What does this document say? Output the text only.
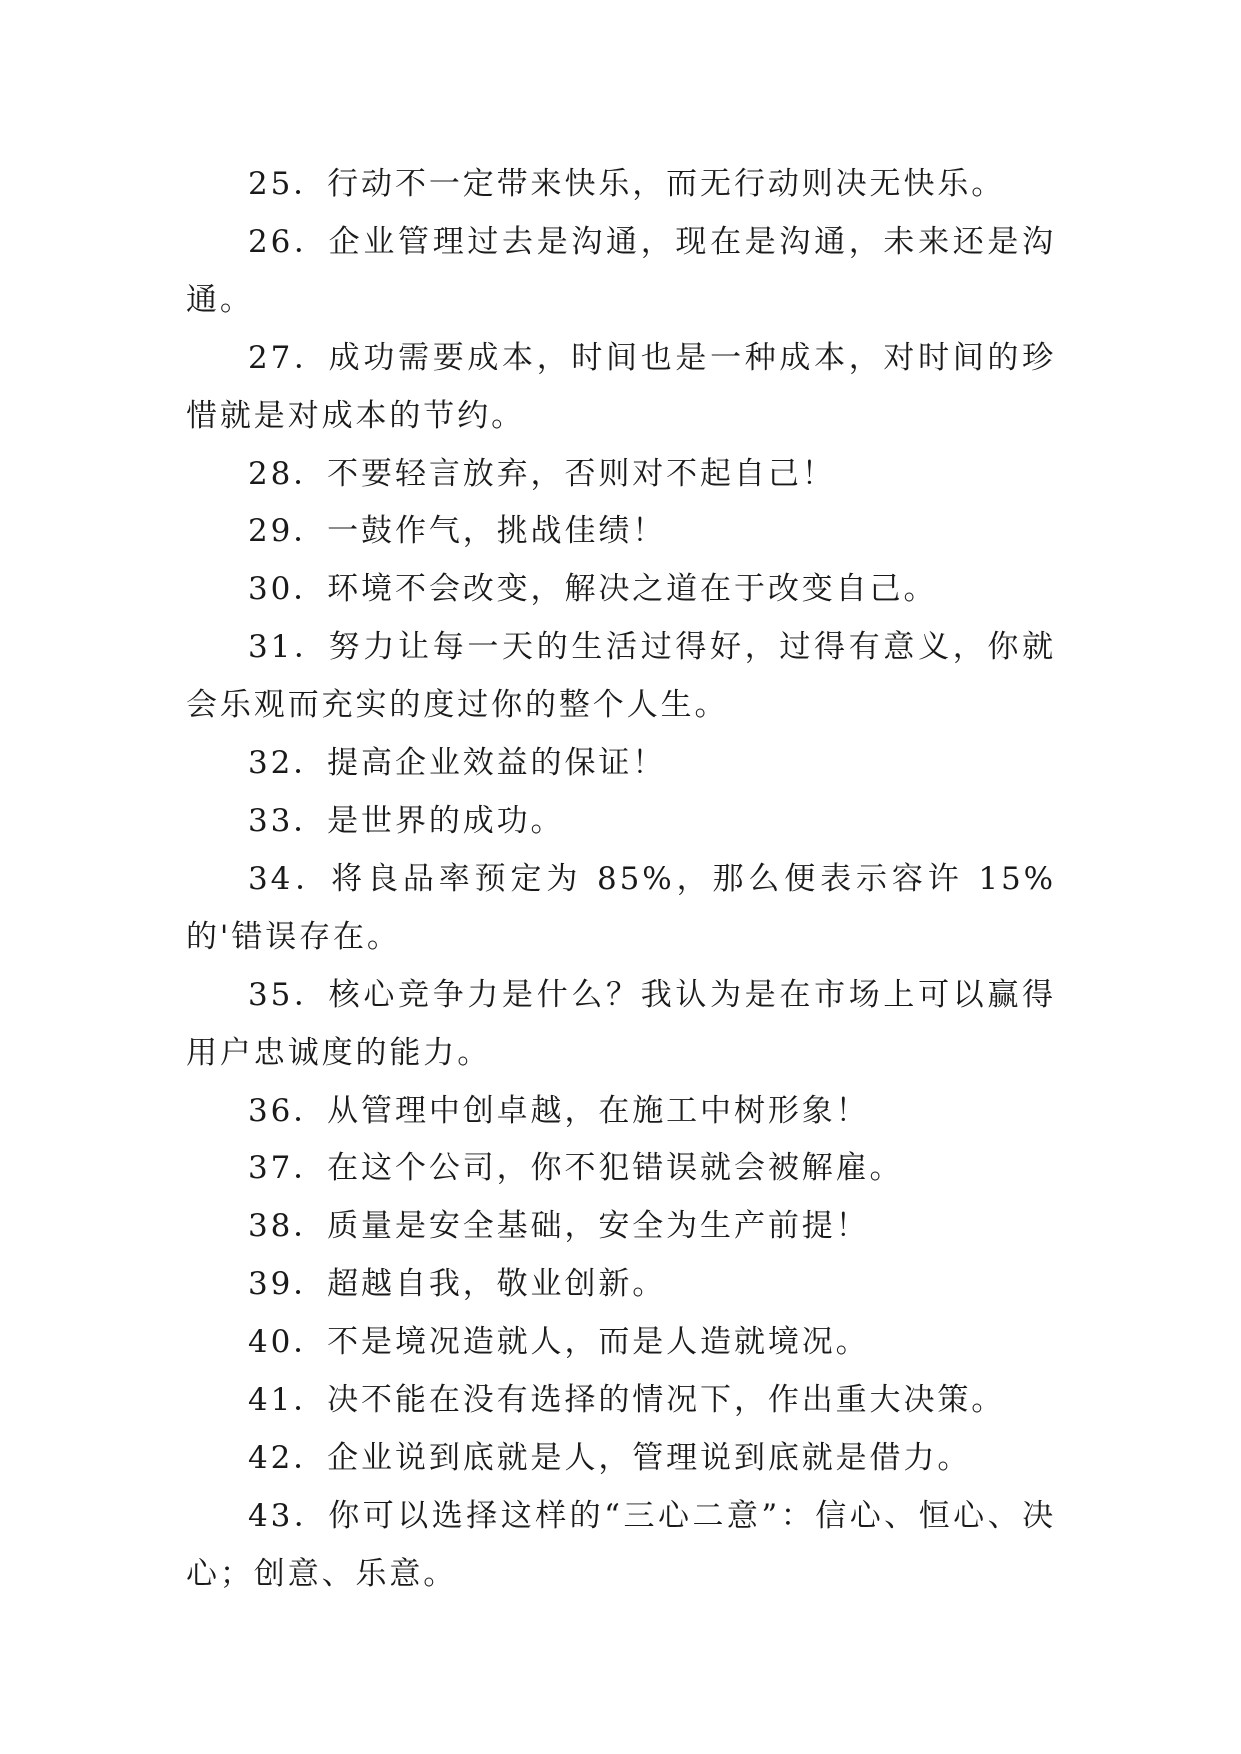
25．行动不一定带来快乐，而无行动则决无快乐。

26．企业管理过去是沟通，现在是沟通，未来还是沟通。

27．成功需要成本，时间也是一种成本，对时间的珍惜就是对成本的节约。

28．不要轻言放弃，否则对不起自己！

29．一鼓作气，挑战佳绩！

30．环境不会改变，解决之道在于改变自己。

31．努力让每一天的生活过得好，过得有意义，你就会乐观而充实的度过你的整个人生。

32．提高企业效益的保证！

33．是世界的成功。

34．将良品率预定为 85%，那么便表示容许 15%的'错误存在。

35．核心竞争力是什么？我认为是在市场上可以赢得用户忠诚度的能力。

36．从管理中创卓越，在施工中树形象！

37．在这个公司，你不犯错误就会被解雇。

38．质量是安全基础，安全为生产前提！

39．超越自我，敬业创新。

40．不是境况造就人，而是人造就境况。

41．决不能在没有选择的情况下，作出重大决策。

42．企业说到底就是人，管理说到底就是借力。

43．你可以选择这样的“三心二意”：信心、恒心、决心；创意、乐意。
